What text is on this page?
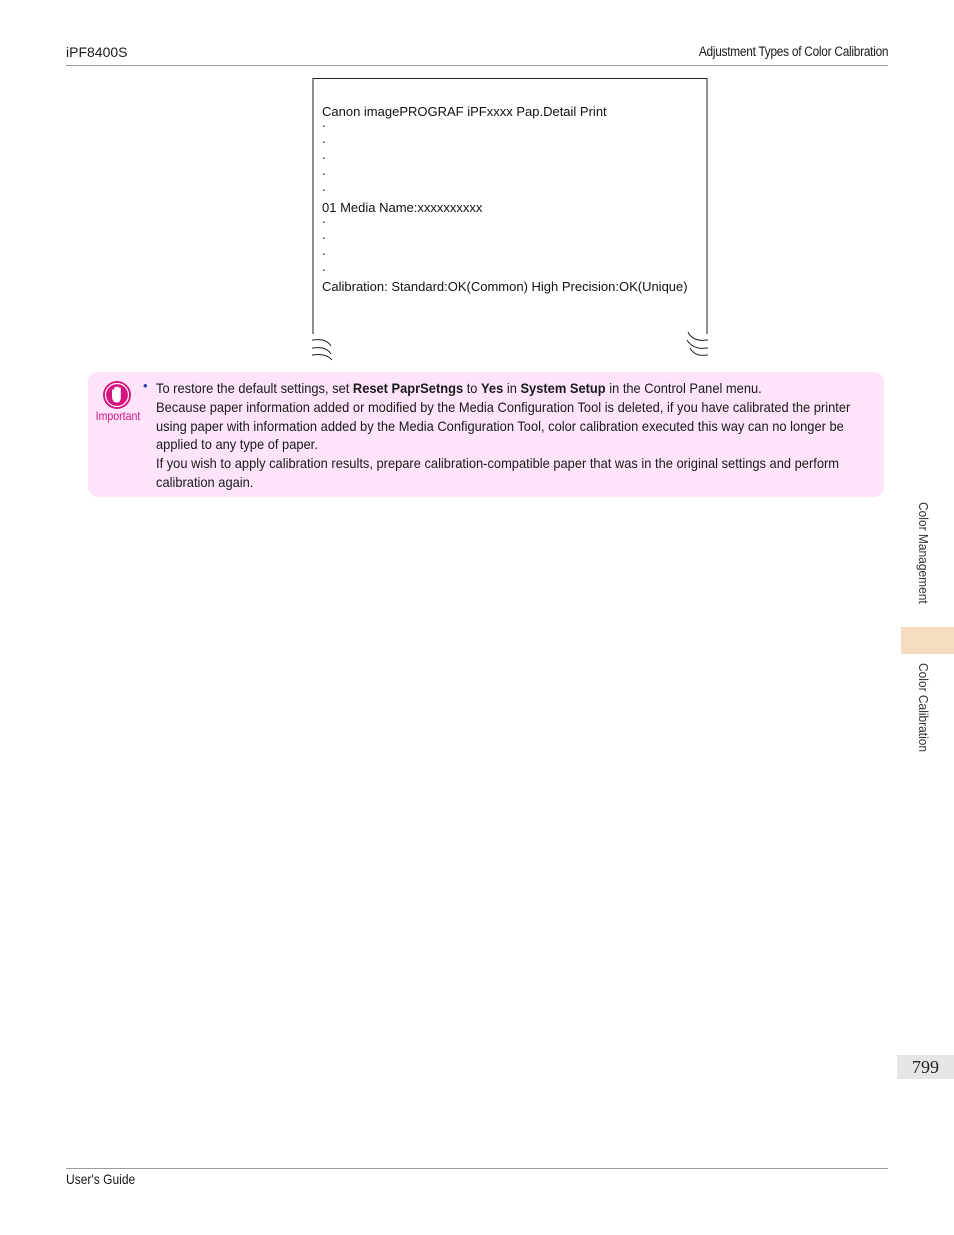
iPF8400S	Adjustment Types of Color Calibration
Canon imagePROGRAF iPFxxxx Pap.Detail Print
.
.
.
.
.
01 Media Name:xxxxxxxxxx
.
.
.
.
Calibration: Standard:OK(Common) High Precision:OK(Unique)
Important
• To restore the default settings, set Reset PaprSetngs to Yes in System Setup in the Control Panel menu.
Because paper information added or modified by the Media Configuration Tool is deleted, if you have calibrated the printer using paper with information added by the Media Configuration Tool, color calibration executed this way can no longer be applied to any type of paper.
If you wish to apply calibration results, prepare calibration-compatible paper that was in the original settings and perform calibration again.
Color Management
Color Calibration
799
User's Guide
